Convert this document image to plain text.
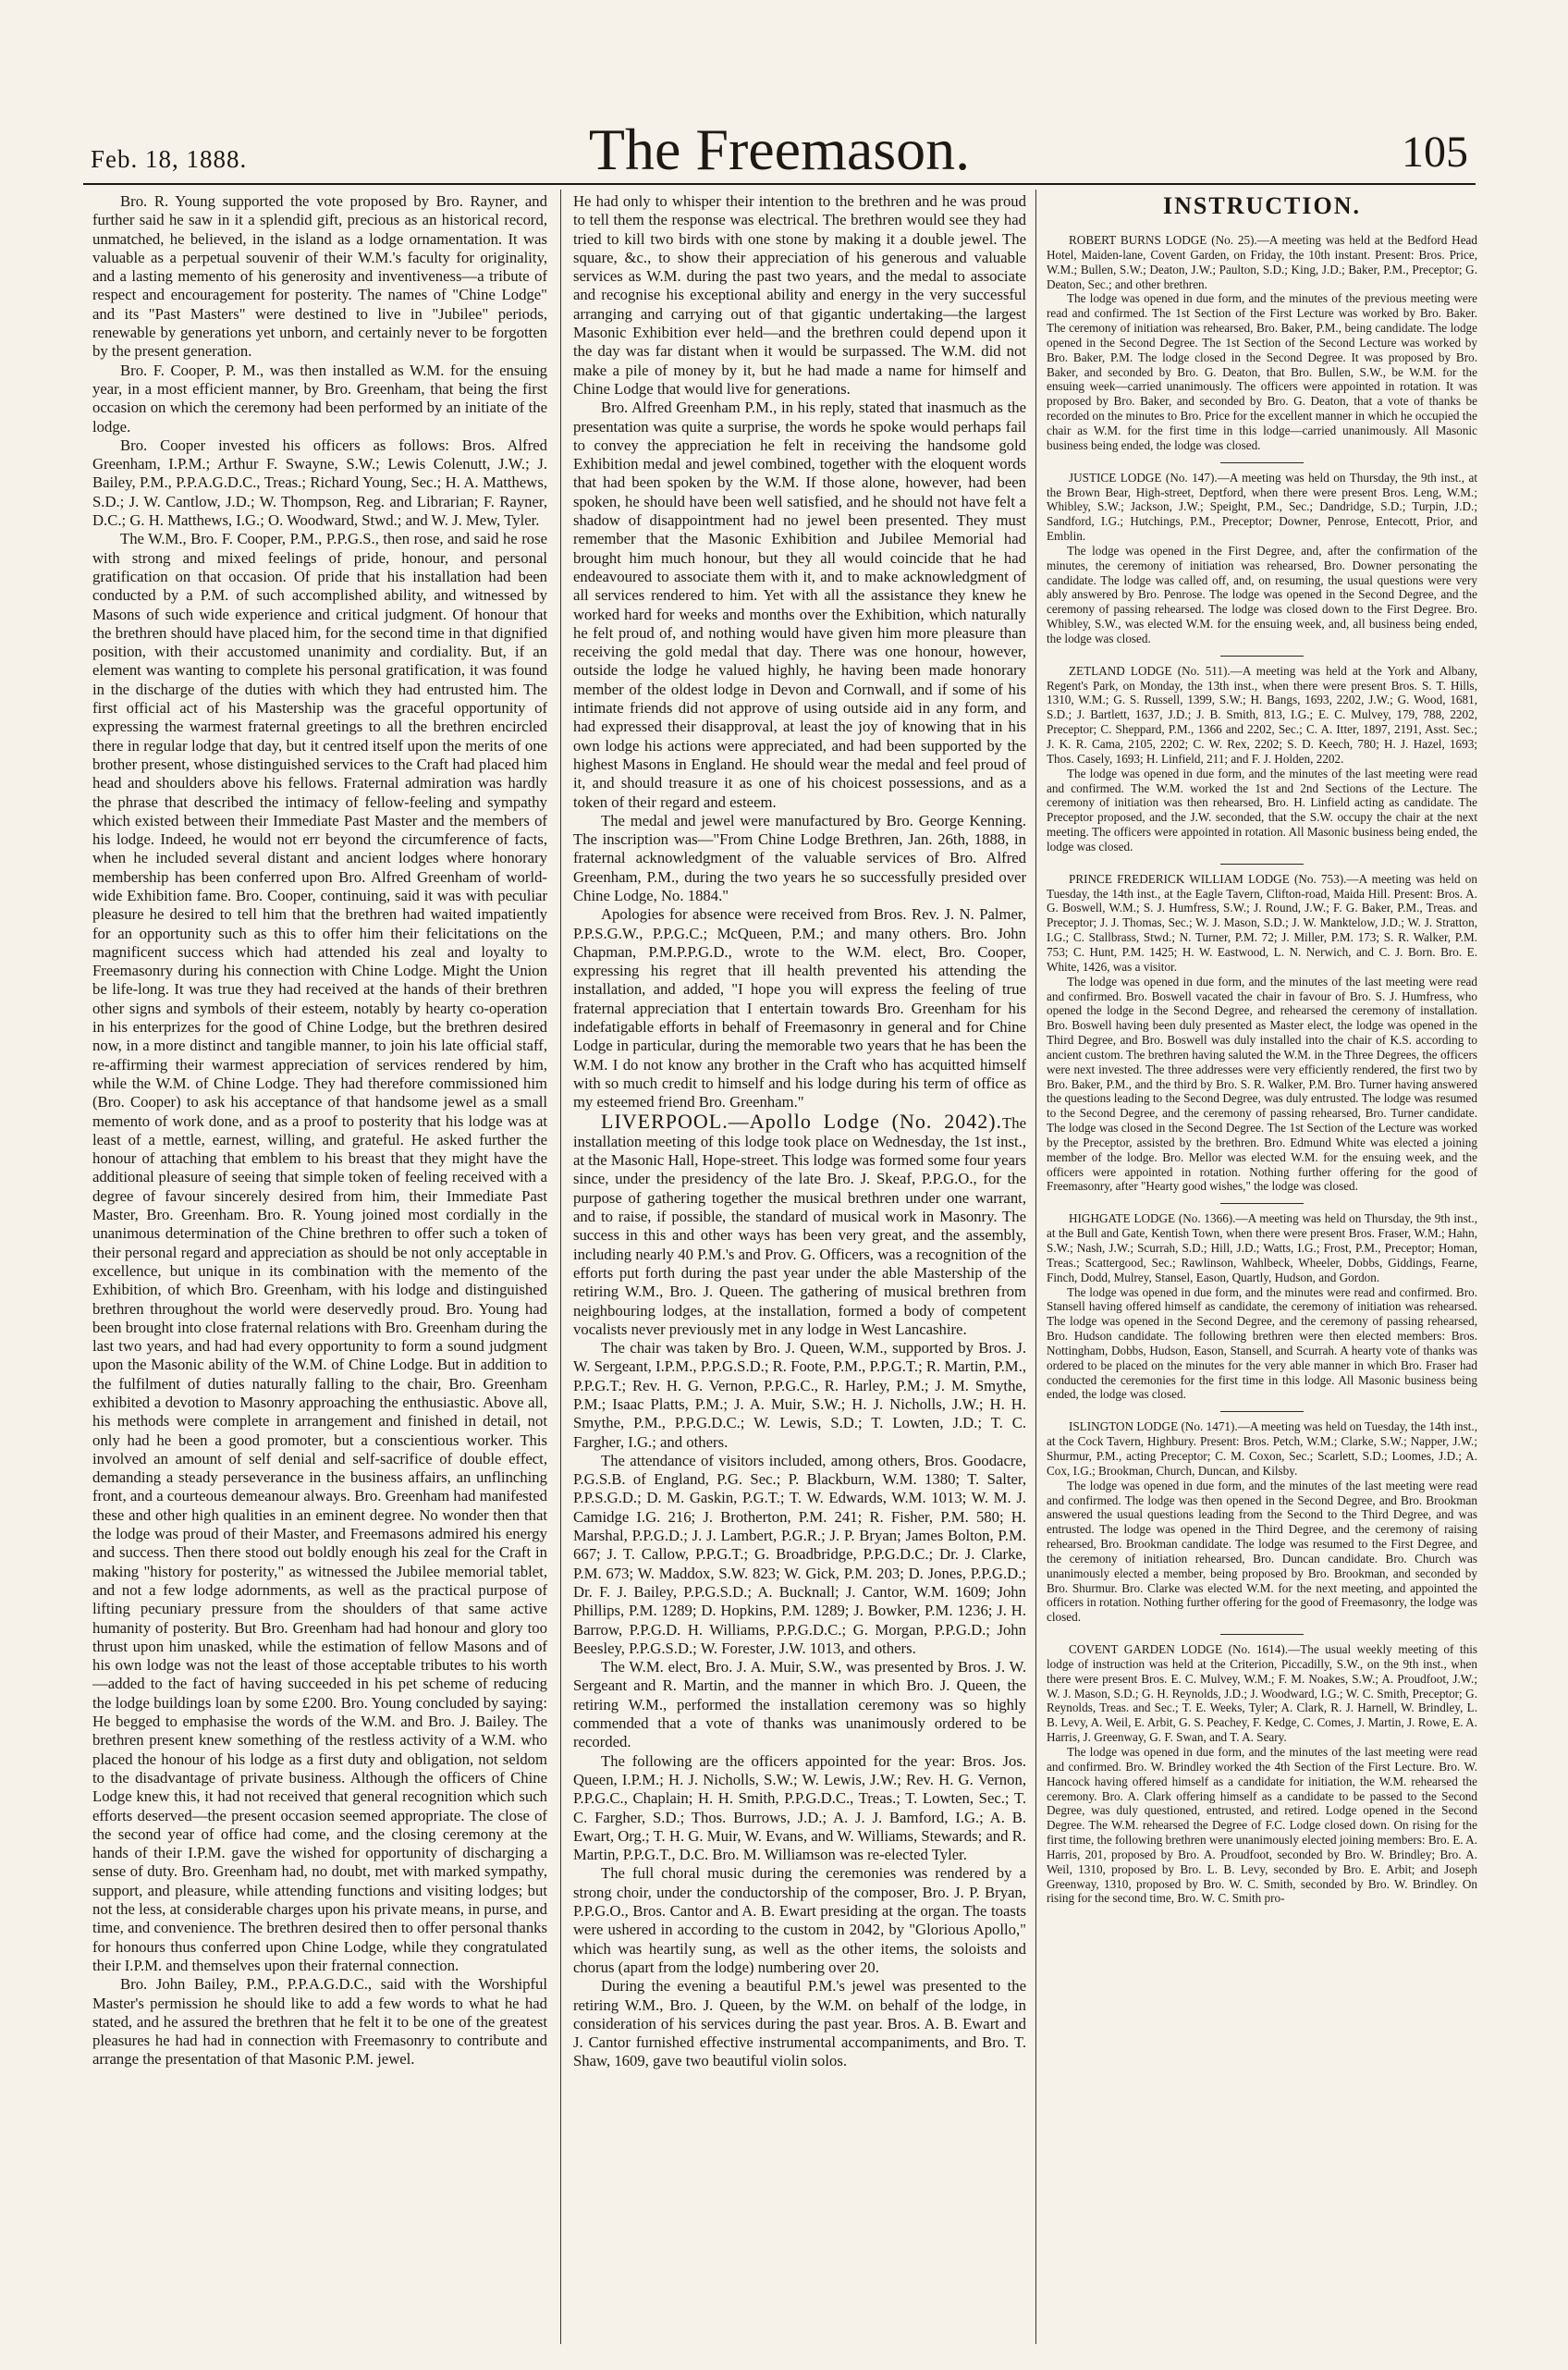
Feb. 18, 1888.	The Freemason.	105

Bro. R. Young supported the vote proposed by Bro. Rayner, and further said he saw in it a splendid gift, precious as an historical record, unmatched, he believed, in the island as a lodge ornamentation. It was valuable as a perpetual souvenir of their W.M.'s faculty for originality, and a lasting memento of his generosity and inventiveness—a tribute of respect and encouragement for posterity. The names of "Chine Lodge" and its "Past Masters" were destined to live in "Jubilee" periods, renewable by generations yet unborn, and certainly never to be forgotten by the present generation.

Bro. F. Cooper, P. M., was then installed as W.M. for the ensuing year, in a most efficient manner, by Bro. Greenham, that being the first occasion on which the ceremony had been performed by an initiate of the lodge.

Bro. Cooper invested his officers as follows: Bros. Alfred Greenham, I.P.M.; Arthur F. Swayne, S.W.; Lewis Colenutt, J.W.; J. Bailey, P.M., P.P.A.G.D.C., Treas.; Richard Young, Sec.; H. A. Matthews, S.D.; J. W. Cantlow, J.D.; W. Thompson, Reg. and Librarian; F. Rayner, D.C.; G. H. Matthews, I.G.; O. Woodward, Stwd.; and W. J. Mew, Tyler.

The W.M., Bro. F. Cooper, P.M., P.P.G.S., then rose, and said he rose with strong and mixed feelings of pride, honour, and personal gratification on that occasion. Of pride that his installation had been conducted by a P.M. of such accomplished ability, and witnessed by Masons of such wide experience and critical judgment. Of honour that the brethren should have placed him, for the second time in that dignified position, with their accustomed unanimity and cordiality. But, if an element was wanting to complete his personal gratification, it was found in the discharge of the duties with which they had entrusted him. The first official act of his Mastership was the graceful opportunity of expressing the warmest fraternal greetings to all the brethren encircled there in regular lodge that day, but it centred itself upon the merits of one brother present, whose distinguished services to the Craft had placed him head and shoulders above his fellows. Fraternal admiration was hardly the phrase that described the intimacy of fellow-feeling and sympathy which existed between their Immediate Past Master and the members of his lodge. Indeed, he would not err beyond the circumference of facts, when he included several distant and ancient lodges where honorary membership has been conferred upon Bro. Alfred Greenham of world-wide Exhibition fame. Bro. Cooper, continuing, said it was with peculiar pleasure he desired to tell him that the brethren had waited impatiently for an opportunity such as this to offer him their felicitations on the magnificent success which had attended his zeal and loyalty to Freemasonry during his connection with Chine Lodge. Might the Union be life-long. It was true they had received at the hands of their brethren other signs and symbols of their esteem, notably by hearty co-operation in his enterprizes for the good of Chine Lodge, but the brethren desired now, in a more distinct and tangible manner, to join his late official staff, re-affirming their warmest appreciation of services rendered by him, while the W.M. of Chine Lodge. They had therefore commissioned him (Bro. Cooper) to ask his acceptance of that handsome jewel as a small memento of work done, and as a proof to posterity that his lodge was at least of a mettle, earnest, willing, and grateful. He asked further the honour of attaching that emblem to his breast that they might have the additional pleasure of seeing that simple token of feeling received with a degree of favour sincerely desired from him, their Immediate Past Master, Bro. Greenham. Bro. R. Young joined most cordially in the unanimous determination of the Chine brethren to offer such a token of their personal regard and appreciation as should be not only acceptable in excellence, but unique in its combination with the memento of the Exhibition, of which Bro. Greenham, with his lodge and distinguished brethren throughout the world were deservedly proud. Bro. Young had been brought into close fraternal relations with Bro. Greenham during the last two years, and had had every opportunity to form a sound judgment upon the Masonic ability of the W.M. of Chine Lodge. But in addition to the fulfilment of duties naturally falling to the chair, Bro. Greenham exhibited a devotion to Masonry approaching the enthusiastic. Above all, his methods were complete in arrangement and finished in detail, not only had he been a good promoter, but a conscientious worker. This involved an amount of self denial and self-sacrifice of double effect, demanding a steady perseverance in the business affairs, an unflinching front, and a courteous demeanour always. Bro. Greenham had manifested these and other high qualities in an eminent degree. No wonder then that the lodge was proud of their Master, and Freemasons admired his energy and success. Then there stood out boldly enough his zeal for the Craft in making "history for posterity," as witnessed the Jubilee memorial tablet, and not a few lodge adornments, as well as the practical purpose of lifting pecuniary pressure from the shoulders of that same active humanity of posterity. But Bro. Greenham had had honour and glory too thrust upon him unasked, while the estimation of fellow Masons and of his own lodge was not the least of those acceptable tributes to his worth—added to the fact of having succeeded in his pet scheme of reducing the lodge buildings loan by some £200. Bro. Young concluded by saying: He begged to emphasise the words of the W.M. and Bro. J. Bailey. The brethren present knew something of the restless activity of a W.M. who placed the honour of his lodge as a first duty and obligation, not seldom to the disadvantage of private business. Although the officers of Chine Lodge knew this, it had not received that general recognition which such efforts deserved—the present occasion seemed appropriate. The close of the second year of office had come, and the closing ceremony at the hands of their I.P.M. gave the wished for opportunity of discharging a sense of duty. Bro. Greenham had, no doubt, met with marked sympathy, support, and pleasure, while attending functions and visiting lodges; but not the less, at considerable charges upon his private means, in purse, and time, and convenience. The brethren desired then to offer personal thanks for honours thus conferred upon Chine Lodge, while they congratulated their I.P.M. and themselves upon their fraternal connection.

Bro. John Bailey, P.M., P.P.A.G.D.C., said with the Worshipful Master's permission he should like to add a few words to what he had stated, and he assured the brethren that he felt it to be one of the greatest pleasures he had had in connection with Freemasonry to contribute and arrange the presentation of that Masonic P.M. jewel.

He had only to whisper their intention to the brethren and he was proud to tell them the response was electrical. The brethren would see they had tried to kill two birds with one stone by making it a double jewel. The square, &c., to show their appreciation of his generous and valuable services as W.M. during the past two years, and the medal to associate and recognise his exceptional ability and energy in the very successful arranging and carrying out of that gigantic undertaking—the largest Masonic Exhibition ever held—and the brethren could depend upon it the day was far distant when it would be surpassed. The W.M. did not make a pile of money by it, but he had made a name for himself and Chine Lodge that would live for generations.

Bro. Alfred Greenham P.M., in his reply, stated that inasmuch as the presentation was quite a surprise, the words he spoke would perhaps fail to convey the appreciation he felt in receiving the handsome gold Exhibition medal and jewel combined, together with the eloquent words that had been spoken by the W.M. If those alone, however, had been spoken, he should have been well satisfied, and he should not have felt a shadow of disappointment had no jewel been presented. They must remember that the Masonic Exhibition and Jubilee Memorial had brought him much honour, but they all would coincide that he had endeavoured to associate them with it, and to make acknowledgment of all services rendered to him. Yet with all the assistance they knew he worked hard for weeks and months over the Exhibition, which naturally he felt proud of, and nothing would have given him more pleasure than receiving the gold medal that day. There was one honour, however, outside the lodge he valued highly, he having been made honorary member of the oldest lodge in Devon and Cornwall, and if some of his intimate friends did not approve of using outside aid in any form, and had expressed their disapproval, at least the joy of knowing that in his own lodge his actions were appreciated, and had been supported by the highest Masons in England. He should wear the medal and feel proud of it, and should treasure it as one of his choicest possessions, and as a token of their regard and esteem.

The medal and jewel were manufactured by Bro. George Kenning. The inscription was—"From Chine Lodge Brethren, Jan. 26th, 1888, in fraternal acknowledgment of the valuable services of Bro. Alfred Greenham, P.M., during the two years he so successfully presided over Chine Lodge, No. 1884."

Apologies for absence were received from Bros. Rev. J. N. Palmer, P.P.S.G.W., P.P.G.C.; McQueen, P.M.; and many others. Bro. John Chapman, P.M.P.P.G.D., wrote to the W.M. elect, Bro. Cooper, expressing his regret that ill health prevented his attending the installation, and added, "I hope you will express the feeling of true fraternal appreciation that I entertain towards Bro. Greenham for his indefatigable efforts in behalf of Freemasonry in general and for Chine Lodge in particular, during the memorable two years that he has been the W.M. I do not know any brother in the Craft who has acquitted himself with so much credit to himself and his lodge during his term of office as my esteemed friend Bro. Greenham."

LIVERPOOL.—Apollo Lodge (No. 2042).The installation meeting of this lodge took place on Wednesday, the 1st inst., at the Masonic Hall, Hope-street. This lodge was formed some four years since, under the presidency of the late Bro. J. Skeaf, P.P.G.O., for the purpose of gathering together the musical brethren under one warrant, and to raise, if possible, the standard of musical work in Masonry. The success in this and other ways has been very great, and the assembly, including nearly 40 P.M.'s and Prov. G. Officers, was a recognition of the efforts put forth during the past year under the able Mastership of the retiring W.M., Bro. J. Queen. The gathering of musical brethren from neighbouring lodges, at the installation, formed a body of competent vocalists never previously met in any lodge in West Lancashire.

The chair was taken by Bro. J. Queen, W.M., supported by Bros. J. W. Sergeant, I.P.M., P.P.G.S.D.; R. Foote, P.M., P.P.G.T.; R. Martin, P.M., P.P.G.T.; Rev. H. G. Vernon, P.P.G.C., R. Harley, P.M.; J. M. Smythe, P.M.; Isaac Platts, P.M.; J. A. Muir, S.W.; H. J. Nicholls, J.W.; H. H. Smythe, P.M., P.P.G.D.C.; W. Lewis, S.D.; T. Lowten, J.D.; T. C. Fargher, I.G.; and others.

The attendance of visitors included, among others, Bros. Goodacre, P.G.S.B. of England, P.G. Sec.; P. Blackburn, W.M. 1380; T. Salter, P.P.S.G.D.; D. M. Gaskin, P.G.T.; T. W. Edwards, W.M. 1013; W. M. J. Camidge I.G. 216; J. Brotherton, P.M. 241; R. Fisher, P.M. 580; H. Marshal, P.P.G.D.; J. J. Lambert, P.G.R.; J. P. Bryan; James Bolton, P.M. 667; J. T. Callow, P.P.G.T.; G. Broadbridge, P.P.G.D.C.; Dr. J. Clarke, P.M. 673; W. Maddox, S.W. 823; W. Gick, P.M. 203; D. Jones, P.P.G.D.; Dr. F. J. Bailey, P.P.G.S.D.; A. Bucknall; J. Cantor, W.M. 1609; John Phillips, P.M. 1289; D. Hopkins, P.M. 1289; J. Bowker, P.M. 1236; J. H. Barrow, P.P.G.D. H. Williams, P.P.G.D.C.; G. Morgan, P.P.G.D.; John Beesley, P.P.G.S.D.; W. Forester, J.W. 1013, and others.

The W.M. elect, Bro. J. A. Muir, S.W., was presented by Bros. J. W. Sergeant and R. Martin, and the manner in which Bro. J. Queen, the retiring W.M., performed the installation ceremony was so highly commended that a vote of thanks was unanimously ordered to be recorded.

The following are the officers appointed for the year: Bros. Jos. Queen, I.P.M.; H. J. Nicholls, S.W.; W. Lewis, J.W.; Rev. H. G. Vernon, P.P.G.C., Chaplain; H. H. Smith, P.P.G.D.C., Treas.; T. Lowten, Sec.; T. C. Fargher, S.D.; Thos. Burrows, J.D.; A. J. J. Bamford, I.G.; A. B. Ewart, Org.; T. H. G. Muir, W. Evans, and W. Williams, Stewards; and R. Martin, P.P.G.T., D.C. Bro. M. Williamson was re-elected Tyler.

The full choral music during the ceremonies was rendered by a strong choir, under the conductorship of the composer, Bro. J. P. Bryan, P.P.G.O., Bros. Cantor and A. B. Ewart presiding at the organ. The toasts were ushered in according to the custom in 2042, by "Glorious Apollo," which was heartily sung, as well as the other items, the soloists and chorus (apart from the lodge) numbering over 20.

During the evening a beautiful P.M.'s jewel was presented to the retiring W.M., Bro. J. Queen, by the W.M. on behalf of the lodge, in consideration of his services during the past year. Bros. A. B. Ewart and J. Cantor furnished effective instrumental accompaniments, and Bro. T. Shaw, 1609, gave two beautiful violin solos.

INSTRUCTION.

ROBERT BURNS LODGE (No. 25).—A meeting was held at the Bedford Head Hotel, Maiden-lane, Covent Garden, on Friday, the 10th instant. Present: Bros. Price, W.M.; Bullen, S.W.; Deaton, J.W.; Paulton, S.D.; King, J.D.; Baker, P.M., Preceptor; G. Deaton, Sec.; and other brethren.

The lodge was opened in due form, and the minutes of the previous meeting were read and confirmed. The 1st Section of the First Lecture was worked by Bro. Baker. The ceremony of initiation was rehearsed, Bro. Baker, P.M., being candidate. The lodge opened in the Second Degree. The 1st Section of the Second Lecture was worked by Bro. Baker, P.M. The lodge closed in the Second Degree. It was proposed by Bro. Baker, and seconded by Bro. G. Deaton, that Bro. Bullen, S.W., be W.M. for the ensuing week—carried unanimously. The officers were appointed in rotation. It was proposed by Bro. Baker, and seconded by Bro. G. Deaton, that a vote of thanks be recorded on the minutes to Bro. Price for the excellent manner in which he occupied the chair as W.M. for the first time in this lodge—carried unanimously. All Masonic business being ended, the lodge was closed.

JUSTICE LODGE (No. 147).—A meeting was held on Thursday, the 9th inst., at the Brown Bear, High-street, Deptford, when there were present Bros. Leng, W.M.; Whibley, S.W.; Jackson, J.W.; Speight, P.M., Sec.; Dandridge, S.D.; Turpin, J.D.; Sandford, I.G.; Hutchings, P.M., Preceptor; Downer, Penrose, Entecott, Prior, and Emblin.

The lodge was opened in the First Degree, and, after the confirmation of the minutes, the ceremony of initiation was rehearsed, Bro. Downer personating the candidate. The lodge was called off, and, on resuming, the usual questions were very ably answered by Bro. Penrose. The lodge was opened in the Second Degree, and the ceremony of passing rehearsed. The lodge was closed down to the First Degree. Bro. Whibley, S.W., was elected W.M. for the ensuing week, and, all business being ended, the lodge was closed.

ZETLAND LODGE (No. 511).—A meeting was held at the York and Albany, Regent's Park, on Monday, the 13th inst., when there were present Bros. S. T. Hills, 1310, W.M.; G. S. Russell, 1399, S.W.; H. Bangs, 1693, 2202, J.W.; G. Wood, 1681, S.D.; J. Bartlett, 1637, J.D.; J. B. Smith, 813, I.G.; E. C. Mulvey, 179, 788, 2202, Preceptor; C. Sheppard, P.M., 1366 and 2202, Sec.; C. A. Itter, 1897, 2191, Asst. Sec.; J. K. R. Cama, 2105, 2202; C. W. Rex, 2202; S. D. Keech, 780; H. J. Hazel, 1693; Thos. Casely, 1693; H. Linfield, 211; and F. J. Holden, 2202.

The lodge was opened in due form, and the minutes of the last meeting were read and confirmed. The W.M. worked the 1st and 2nd Sections of the Lecture. The ceremony of initiation was then rehearsed, Bro. H. Linfield acting as candidate. The Preceptor proposed, and the J.W. seconded, that the S.W. occupy the chair at the next meeting. The officers were appointed in rotation. All Masonic business being ended, the lodge was closed.

PRINCE FREDERICK WILLIAM LODGE (No. 753).—A meeting was held on Tuesday, the 14th inst., at the Eagle Tavern, Clifton-road, Maida Hill. Present: Bros. A. G. Boswell, W.M.; S. J. Humfress, S.W.; J. Round, J.W.; F. G. Baker, P.M., Treas. and Preceptor; J. J. Thomas, Sec.; W. J. Mason, S.D.; J. W. Manktelow, J.D.; W. J. Stratton, I.G.; C. Stallbrass, Stwd.; N. Turner, P.M. 72; J. Miller, P.M. 173; S. R. Walker, P.M. 753; C. Hunt, P.M. 1425; H. W. Eastwood, L. N. Nerwich, and C. J. Born. Bro. E. White, 1426, was a visitor.

The lodge was opened in due form, and the minutes of the last meeting were read and confirmed. Bro. Boswell vacated the chair in favour of Bro. S. J. Humfress, who opened the lodge in the Second Degree, and rehearsed the ceremony of installation. Bro. Boswell having been duly presented as Master elect, the lodge was opened in the Third Degree, and Bro. Boswell was duly installed into the chair of K.S. according to ancient custom. The brethren having saluted the W.M. in the Three Degrees, the officers were next invested. The three addresses were very efficiently rendered, the first two by Bro. Baker, P.M., and the third by Bro. S. R. Walker, P.M. Bro. Turner having answered the questions leading to the Second Degree, was duly entrusted. The lodge was resumed to the Second Degree, and the ceremony of passing rehearsed, Bro. Turner candidate. The lodge was closed in the Second Degree. The 1st Section of the Lecture was worked by the Preceptor, assisted by the brethren. Bro. Edmund White was elected a joining member of the lodge. Bro. Mellor was elected W.M. for the ensuing week, and the officers were appointed in rotation. Nothing further offering for the good of Freemasonry, after "Hearty good wishes," the lodge was closed.

HIGHGATE LODGE (No. 1366).—A meeting was held on Thursday, the 9th inst., at the Bull and Gate, Kentish Town, when there were present Bros. Fraser, W.M.; Hahn, S.W.; Nash, J.W.; Scurrah, S.D.; Hill, J.D.; Watts, I.G.; Frost, P.M., Preceptor; Homan, Treas.; Scattergood, Sec.; Rawlinson, Wahlbeck, Wheeler, Dobbs, Giddings, Fearne, Finch, Dodd, Mulrey, Stansel, Eason, Quartly, Hudson, and Gordon.

The lodge was opened in due form, and the minutes were read and confirmed. Bro. Stansell having offered himself as candidate, the ceremony of initiation was rehearsed. The lodge was opened in the Second Degree, and the ceremony of passing rehearsed, Bro. Hudson candidate. The following brethren were then elected members: Bros. Nottingham, Dobbs, Hudson, Eason, Stansell, and Scurrah. A hearty vote of thanks was ordered to be placed on the minutes for the very able manner in which Bro. Fraser had conducted the ceremonies for the first time in this lodge. All Masonic business being ended, the lodge was closed.

ISLINGTON LODGE (No. 1471).—A meeting was held on Tuesday, the 14th inst., at the Cock Tavern, Highbury. Present: Bros. Petch, W.M.; Clarke, S.W.; Napper, J.W.; Shurmur, P.M., acting Preceptor; C. M. Coxon, Sec.; Scarlett, S.D.; Loomes, J.D.; A. Cox, I.G.; Brookman, Church, Duncan, and Kilsby.

The lodge was opened in due form, and the minutes of the last meeting were read and confirmed. The lodge was then opened in the Second Degree, and Bro. Brookman answered the usual questions leading from the Second to the Third Degree, and was entrusted. The lodge was opened in the Third Degree, and the ceremony of raising rehearsed, Bro. Brookman candidate. The lodge was resumed to the First Degree, and the ceremony of initiation rehearsed, Bro. Duncan candidate. Bro. Church was unanimously elected a member, being proposed by Bro. Brookman, and seconded by Bro. Shurmur. Bro. Clarke was elected W.M. for the next meeting, and appointed the officers in rotation. Nothing further offering for the good of Freemasonry, the lodge was closed.

COVENT GARDEN LODGE (No. 1614).—The usual weekly meeting of this lodge of instruction was held at the Criterion, Piccadilly, S.W., on the 9th inst., when there were present Bros. E. C. Mulvey, W.M.; F. M. Noakes, S.W.; A. Proudfoot, J.W.; W. J. Mason, S.D.; G. H. Reynolds, J.D.; J. Woodward, I.G.; W. C. Smith, Preceptor; G. Reynolds, Treas. and Sec.; T. E. Weeks, Tyler; A. Clark, R. J. Harnell, W. Brindley, L. B. Levy, A. Weil, E. Arbit, G. S. Peachey, F. Kedge, C. Comes, J. Martin, J. Rowe, E. A. Harris, J. Greenway, G. F. Swan, and T. A. Seary.

The lodge was opened in due form, and the minutes of the last meeting were read and confirmed. Bro. W. Brindley worked the 4th Section of the First Lecture. Bro. W. Hancock having offered himself as a candidate for initiation, the W.M. rehearsed the ceremony. Bro. A. Clark offering himself as a candidate to be passed to the Second Degree, was duly questioned, entrusted, and retired. Lodge opened in the Second Degree. The W.M. rehearsed the Degree of F.C. Lodge closed down. On rising for the first time, the following brethren were unanimously elected joining members: Bro. E. A. Harris, 201, proposed by Bro. A. Proudfoot, seconded by Bro. W. Brindley; Bro. A. Weil, 1310, proposed by Bro. L. B. Levy, seconded by Bro. E. Arbit; and Joseph Greenway, 1310, proposed by Bro. W. C. Smith, seconded by Bro. W. Brindley. On rising for the second time, Bro. W. C. Smith pro-
